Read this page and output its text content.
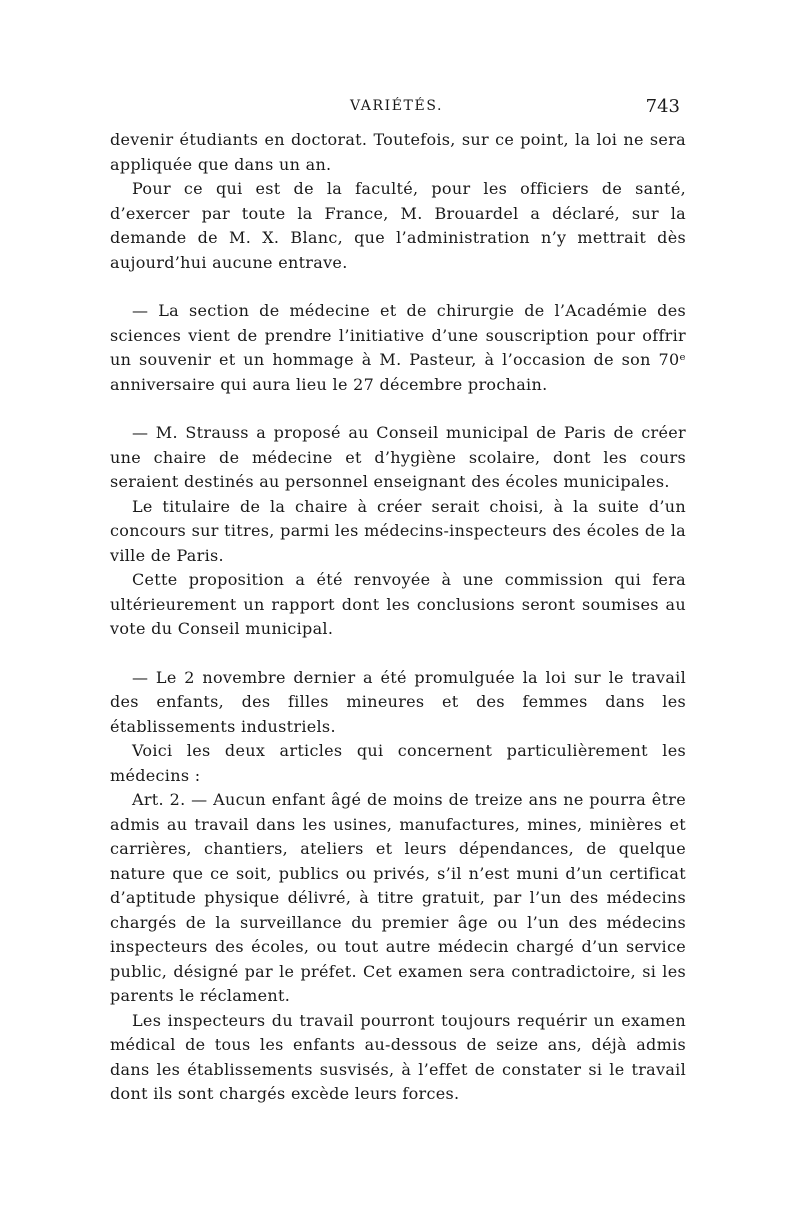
VARIÉTÉS.	743

devenir étudiants en doctorat. Toutefois, sur ce point, la loi ne sera appliquée que dans un an.

Pour ce qui est de la faculté, pour les officiers de santé, d’exercer par toute la France, M. Brouardel a déclaré, sur la demande de M. X. Blanc, que l’administration n’y mettrait dès aujourd’hui aucune entrave.

— La section de médecine et de chirurgie de l’Académie des sciences vient de prendre l’initiative d’une souscription pour offrir un souvenir et un hommage à M. Pasteur, à l’occasion de son 70ᵉ anniversaire qui aura lieu le 27 décembre prochain.

— M. Strauss a proposé au Conseil municipal de Paris de créer une chaire de médecine et d’hygiène scolaire, dont les cours seraient destinés au personnel enseignant des écoles municipales.

Le titulaire de la chaire à créer serait choisi, à la suite d’un concours sur titres, parmi les médecins-inspecteurs des écoles de la ville de Paris.

Cette proposition a été renvoyée à une commission qui fera ultérieurement un rapport dont les conclusions seront soumises au vote du Conseil municipal.

— Le 2 novembre dernier a été promulguée la loi sur le travail des enfants, des filles mineures et des femmes dans les établissements industriels.

Voici les deux articles qui concernent particulièrement les médecins :

Art. 2. — Aucun enfant âgé de moins de treize ans ne pourra être admis au travail dans les usines, manufactures, mines, minières et carrières, chantiers, ateliers et leurs dépendances, de quelque nature que ce soit, publics ou privés, s’il n’est muni d’un certificat d’aptitude physique délivré, à titre gratuit, par l’un des médecins chargés de la surveillance du premier âge ou l’un des médecins inspecteurs des écoles, ou tout autre médecin chargé d’un service public, désigné par le préfet. Cet examen sera contradictoire, si les parents le réclament.

Les inspecteurs du travail pourront toujours requérir un examen médical de tous les enfants au-dessous de seize ans, déjà admis dans les établissements susvisés, à l’effet de constater si le travail dont ils sont chargés excède leurs forces.
